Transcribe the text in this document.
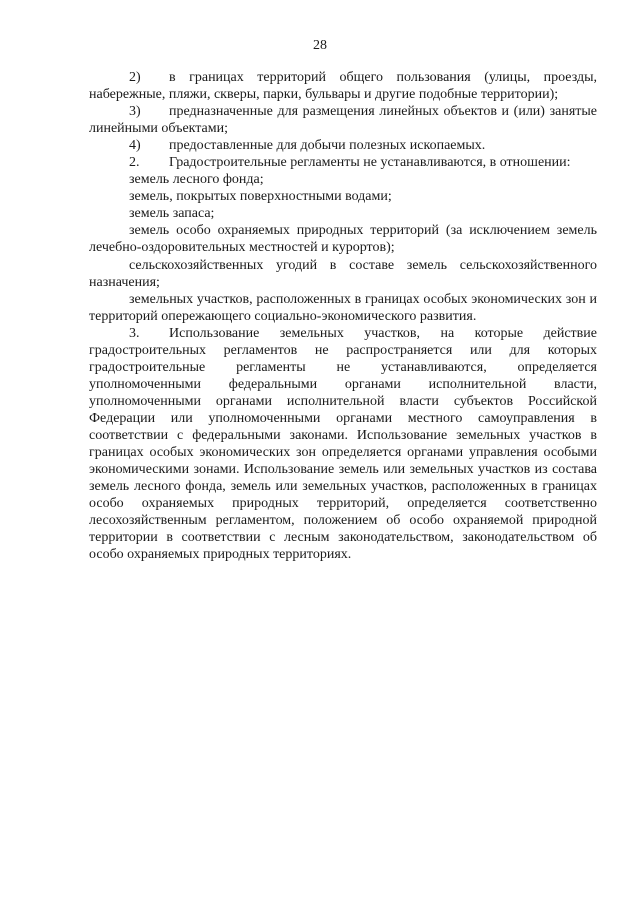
28

2) в границах территорий общего пользования (улицы, проезды, набережные, пляжи, скверы, парки, бульвары и другие подобные территории);

3) предназначенные для размещения линейных объектов и (или) занятые линейными объектами;

4) предоставленные для добычи полезных ископаемых.

2. Градостроительные регламенты не устанавливаются, в отношении:

земель лесного фонда;

земель, покрытых поверхностными водами;

земель запаса;

земель особо охраняемых природных территорий (за исключением земель лечебно-оздоровительных местностей и курортов);

сельскохозяйственных угодий в составе земель сельскохозяйственного назначения;

земельных участков, расположенных в границах особых экономических зон и территорий опережающего социально-экономического развития.

3. Использование земельных участков, на которые действие градостроительных регламентов не распространяется или для которых градостроительные регламенты не устанавливаются, определяется уполномоченными федеральными органами исполнительной власти, уполномоченными органами исполнительной власти субъектов Российской Федерации или уполномоченными органами местного самоуправления в соответствии с федеральными законами. Использование земельных участков в границах особых экономических зон определяется органами управления особыми экономическими зонами. Использование земель или земельных участков из состава земель лесного фонда, земель или земельных участков, расположенных в границах особо охраняемых природных территорий, определяется соответственно лесохозяйственным регламентом, положением об особо охраняемой природной территории в соответствии с лесным законодательством, законодательством об особо охраняемых природных территориях.
